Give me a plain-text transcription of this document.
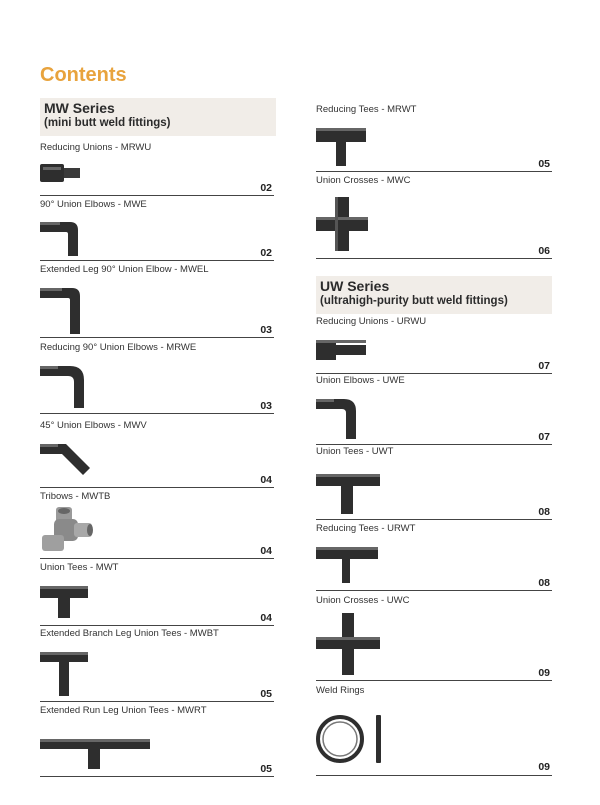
Contents
MW Series
(mini butt weld fittings)
Reducing Unions - MRWU
02
90° Union Elbows - MWE
02
Extended Leg 90° Union Elbow - MWEL
03
Reducing 90° Union Elbows - MRWE
03
45° Union Elbows - MWV
04
Tribows - MWTB
04
Union Tees - MWT
04
Extended Branch Leg Union Tees - MWBT
05
Extended Run Leg Union Tees - MWRT
05
Reducing Tees - MRWT
05
Union Crosses - MWC
06
UW Series
(ultrahigh-purity butt weld fittings)
Reducing Unions - URWU
07
Union Elbows - UWE
07
Union Tees - UWT
08
Reducing Tees - URWT
08
Union Crosses - UWC
09
Weld Rings
09
